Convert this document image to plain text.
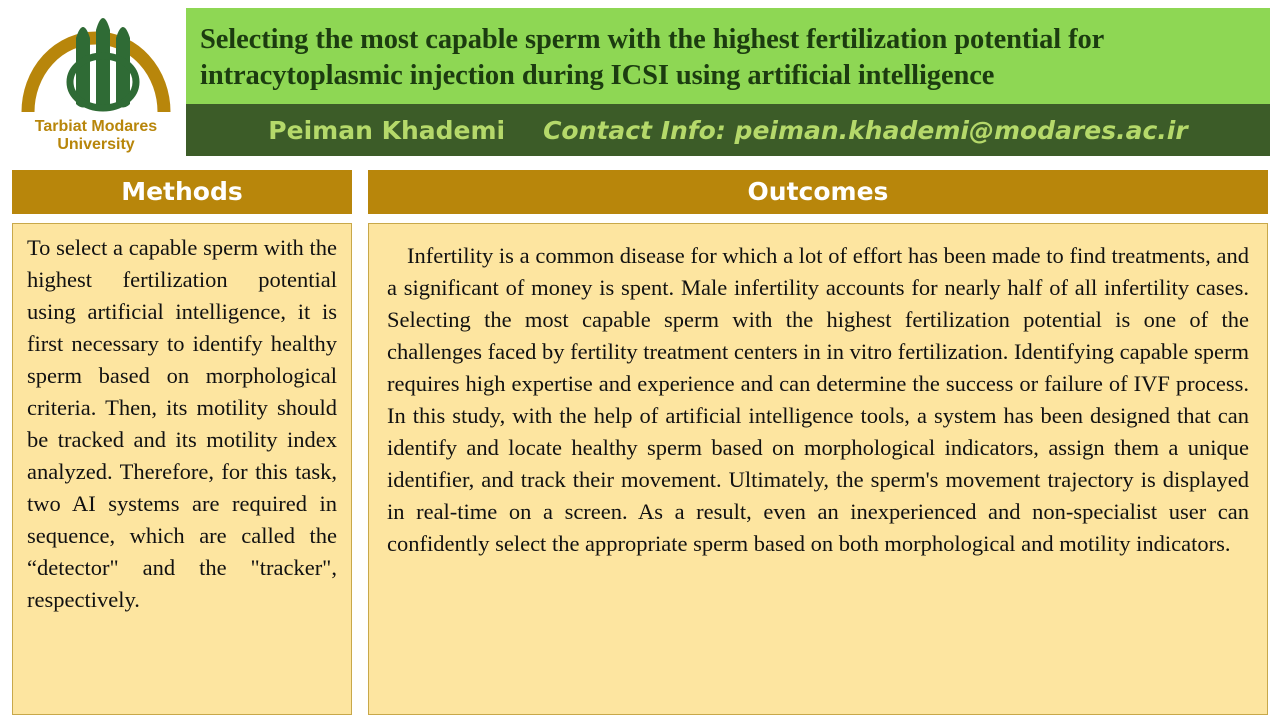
Tarbiat Modares
University
Selecting the most capable sperm with the highest fertilization potential for intracytoplasmic injection during ICSI using artificial intelligence
Peiman Khademi Contact Info: peiman.khademi@modares.ac.ir
Methods
To select a capable sperm with the highest fertilization potential using artificial intelligence, it is first necessary to identify healthy sperm based on morphological criteria. Then, its motility should be tracked and its motility index analyzed. Therefore, for this task, two AI systems are required in sequence, which are called the “detector" and the "tracker", respectively.
Outcomes
Infertility is a common disease for which a lot of effort has been made to find treatments, and a significant of money is spent. Male infertility accounts for nearly half of all infertility cases. Selecting the most capable sperm with the highest fertilization potential is one of the challenges faced by fertility treatment centers in in vitro fertilization. Identifying capable sperm requires high expertise and experience and can determine the success or failure of IVF process. In this study, with the help of artificial intelligence tools, a system has been designed that can identify and locate healthy sperm based on morphological indicators, assign them a unique identifier, and track their movement. Ultimately, the sperm's movement trajectory is displayed in real-time on a screen. As a result, even an inexperienced and non-specialist user can confidently select the appropriate sperm based on both morphological and motility indicators.
